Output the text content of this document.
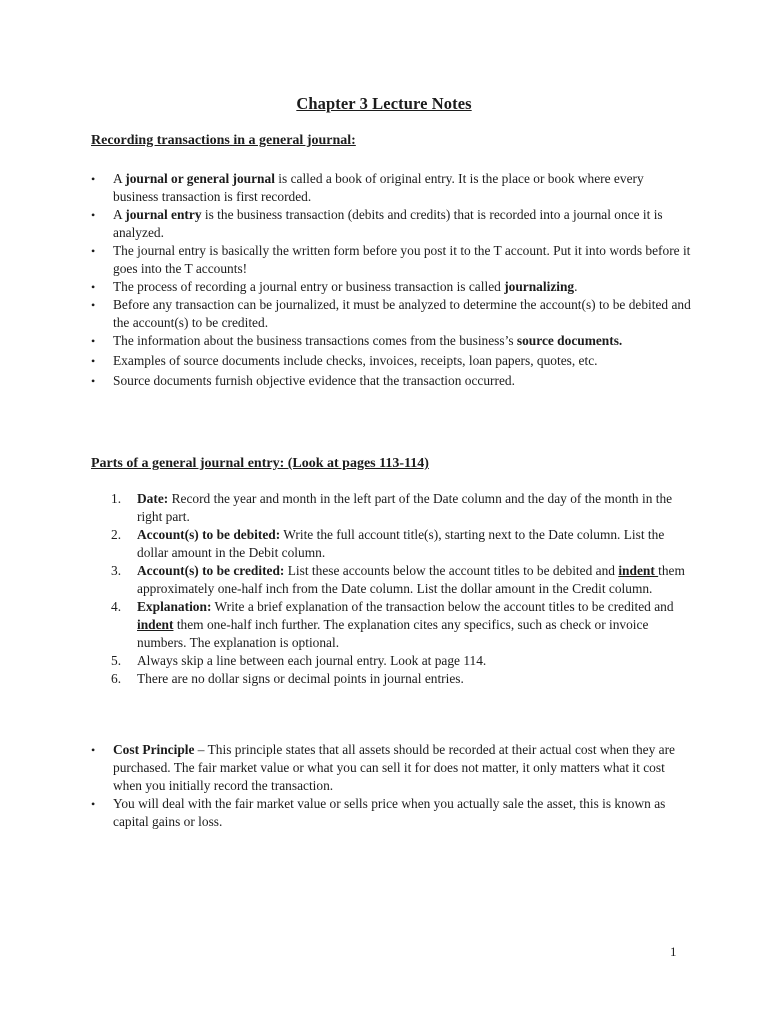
Chapter 3 Lecture Notes
Recording transactions in a general journal:
• A journal or general journal is called a book of original entry. It is the place or book where every business transaction is first recorded.
• A journal entry is the business transaction (debits and credits) that is recorded into a journal once it is analyzed.
• The journal entry is basically the written form before you post it to the T account. Put it into words before it goes into the T accounts!
• The process of recording a journal entry or business transaction is called journalizing.
• Before any transaction can be journalized, it must be analyzed to determine the account(s) to be debited and the account(s) to be credited.
• The information about the business transactions comes from the business’s source documents.
• Examples of source documents include checks, invoices, receipts, loan papers, quotes, etc.
• Source documents furnish objective evidence that the transaction occurred.
Parts of a general journal entry: (Look at pages 113-114)
1. Date: Record the year and month in the left part of the Date column and the day of the month in the right part.
2. Account(s) to be debited: Write the full account title(s), starting next to the Date column. List the dollar amount in the Debit column.
3. Account(s) to be credited: List these accounts below the account titles to be debited and indent them approximately one-half inch from the Date column. List the dollar amount in the Credit column.
4. Explanation: Write a brief explanation of the transaction below the account titles to be credited and indent them one-half inch further. The explanation cites any specifics, such as check or invoice numbers. The explanation is optional.
5. Always skip a line between each journal entry. Look at page 114.
6. There are no dollar signs or decimal points in journal entries.
• Cost Principle – This principle states that all assets should be recorded at their actual cost when they are purchased. The fair market value or what you can sell it for does not matter, it only matters what it cost when you initially record the transaction.
• You will deal with the fair market value or sells price when you actually sale the asset, this is known as capital gains or loss.
1
